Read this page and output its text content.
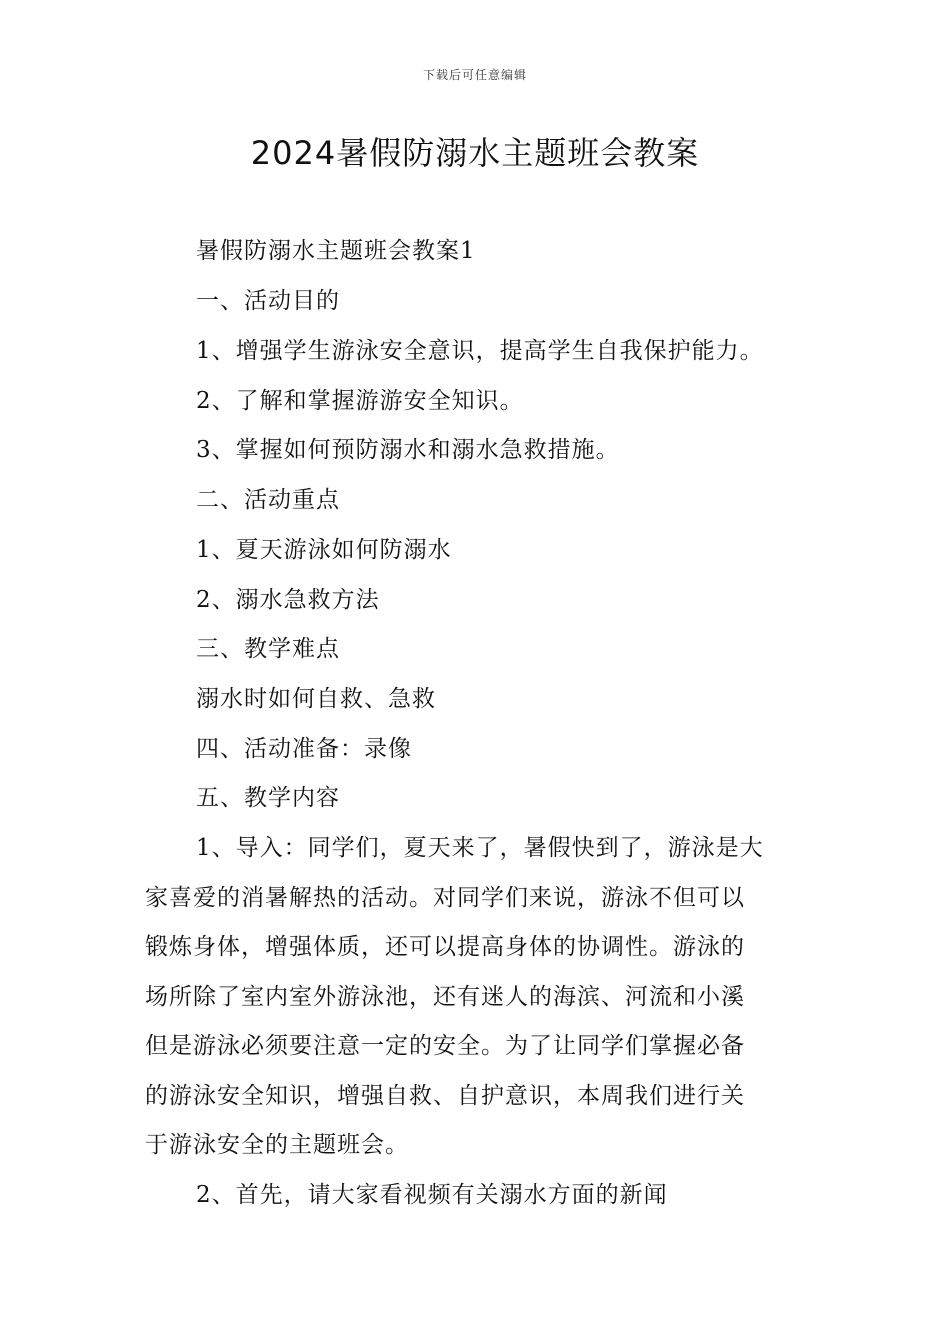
下载后可任意编辑
2024暑假防溺水主题班会教案
暑假防溺水主题班会教案1
一、活动目的
1、增强学生游泳安全意识，提高学生自我保护能力。
2、了解和掌握游游安全知识。
3、掌握如何预防溺水和溺水急救措施。
二、活动重点
1、夏天游泳如何防溺水
2、溺水急救方法
三、教学难点
溺水时如何自救、急救
四、活动准备：录像
五、教学内容
1、导入：同学们，夏天来了，暑假快到了，游泳是大
家喜爱的消暑解热的活动。对同学们来说，游泳不但可以
锻炼身体，增强体质，还可以提高身体的协调性。游泳的
场所除了室内室外游泳池，还有迷人的海滨、河流和小溪
但是游泳必须要注意一定的安全。为了让同学们掌握必备
的游泳安全知识，增强自救、自护意识，本周我们进行关
于游泳安全的主题班会。
2、首先，请大家看视频有关溺水方面的新闻
